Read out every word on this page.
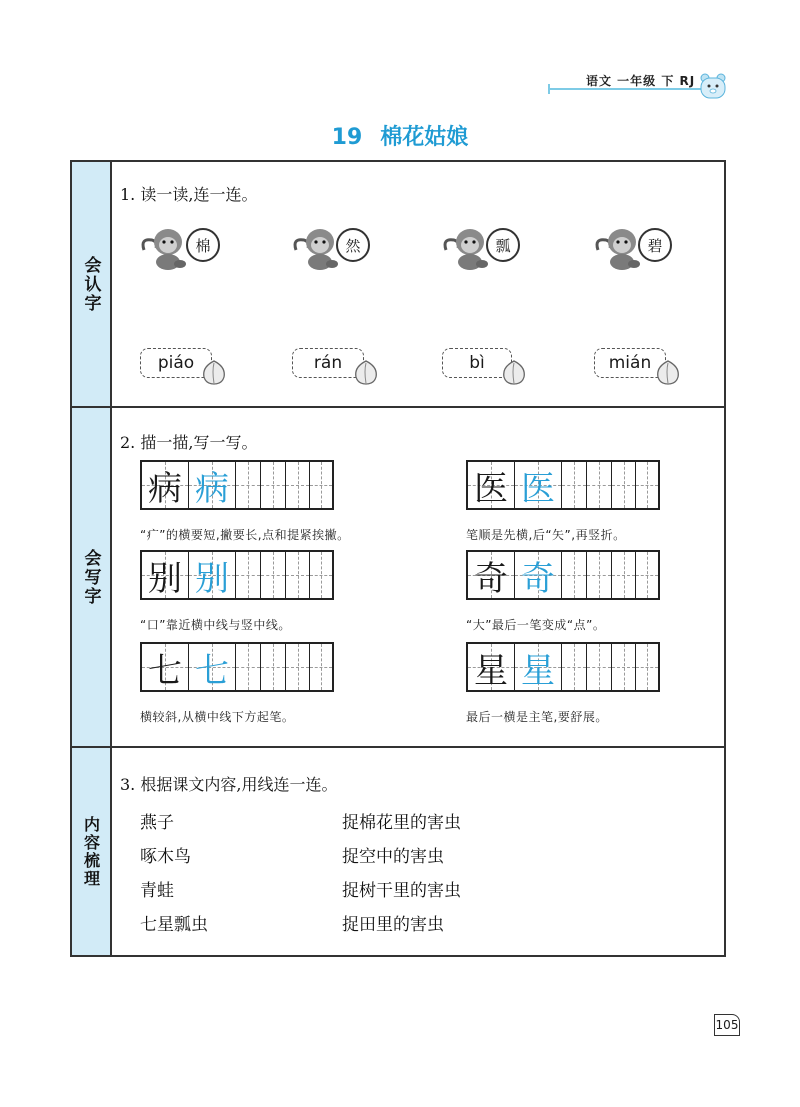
语文 一年级 下 RJ
19 棉花姑娘
会认字
1. 读一读,连一连。
棉	然	瓢	碧
piáo	rán	bì	mián
会写字
2. 描一描,写一写。
病 病
“疒”的横要短,撇要长,点和提紧挨撇。
医 医
笔顺是先横,后“矢”,再竖折。
别 别
“口”靠近横中线与竖中线。
奇 奇
“大”最后一笔变成“点”。
七 七
横较斜,从横中线下方起笔。
星 星
最后一横是主笔,要舒展。
内容梳理
3. 根据课文内容,用线连一连。
燕子
啄木鸟
青蛙
七星瓢虫
捉棉花里的害虫
捉空中的害虫
捉树干里的害虫
捉田里的害虫
105
